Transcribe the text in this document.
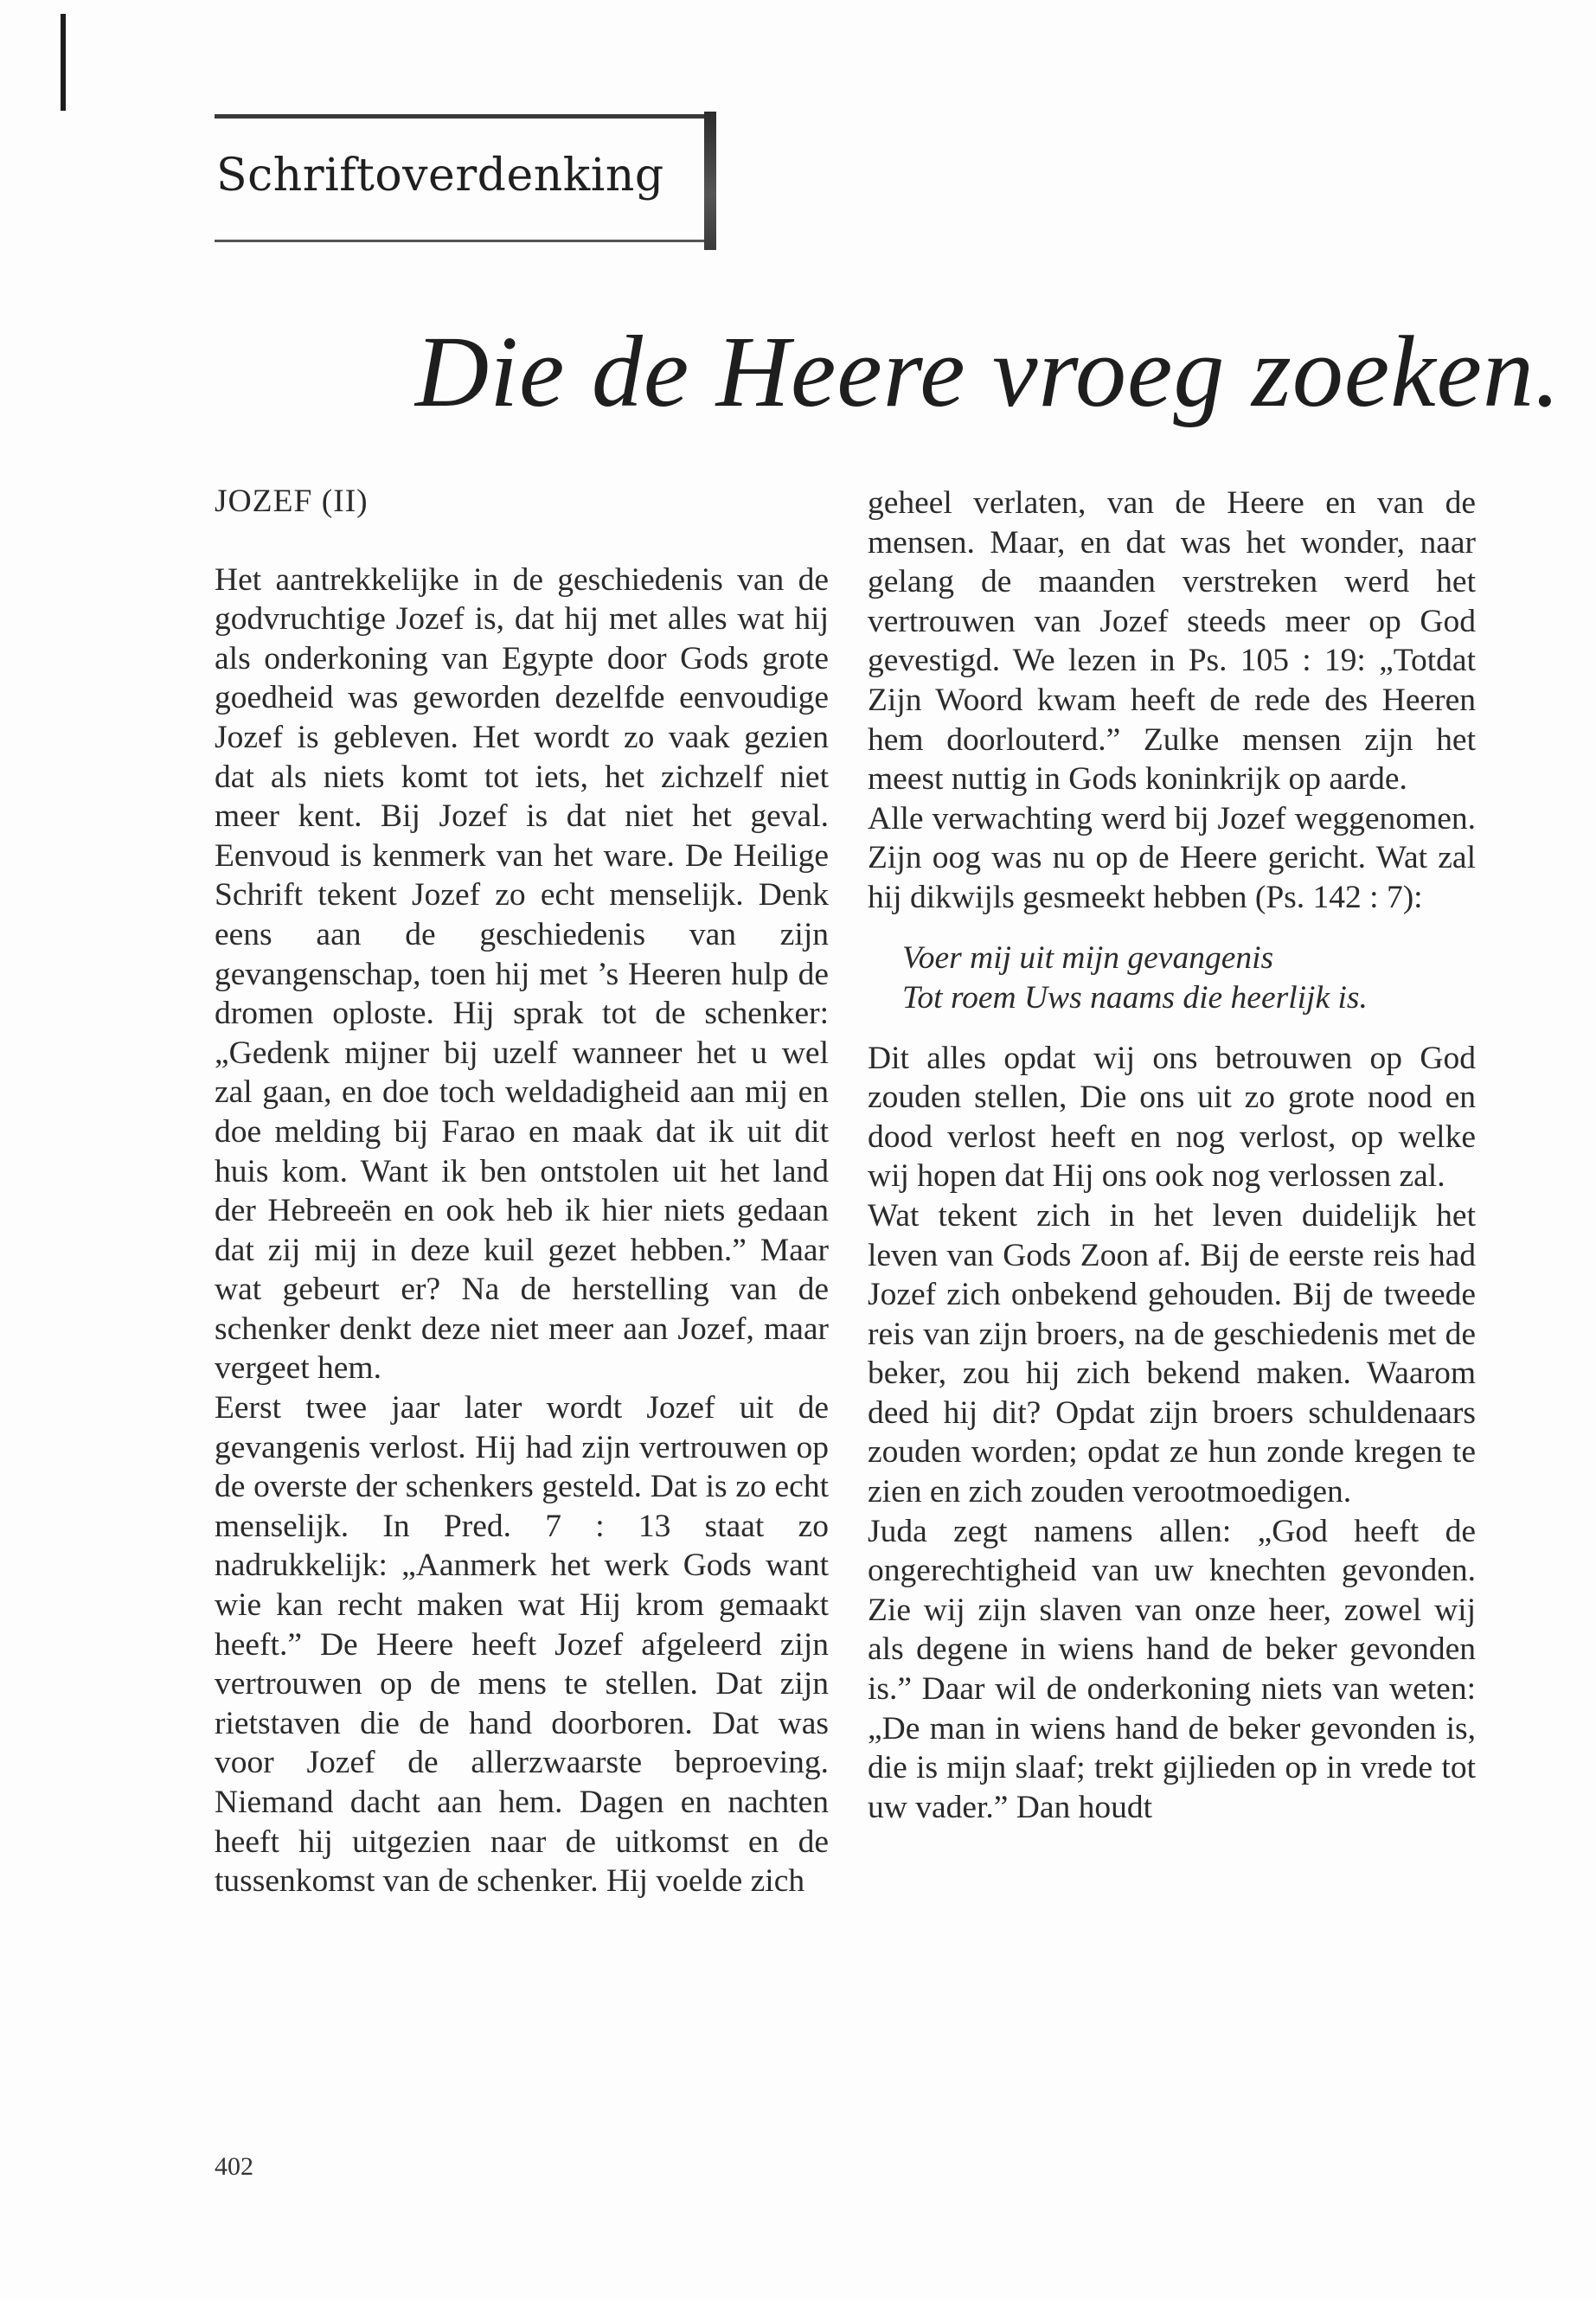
Schriftoverdenking
Die de Heere vroeg zoeken.
JOZEF (II)

Het aantrekkelijke in de geschiedenis van de godvruchtige Jozef is, dat hij met alles wat hij als onderkoning van Egypte door Gods grote goedheid was geworden dezelfde eenvoudige Jozef is gebleven. Het wordt zo vaak gezien dat als niets komt tot iets, het zichzelf niet meer kent. Bij Jozef is dat niet het geval. Eenvoud is kenmerk van het ware. De Heilige Schrift tekent Jozef zo echt menselijk. Denk eens aan de geschiedenis van zijn gevangenschap, toen hij met ’s Heeren hulp de dromen oploste. Hij sprak tot de schenker: „Gedenk mijner bij uzelf wanneer het u wel zal gaan, en doe toch weldadigheid aan mij en doe melding bij Farao en maak dat ik uit dit huis kom. Want ik ben ontstolen uit het land der Hebreeën en ook heb ik hier niets gedaan dat zij mij in deze kuil gezet hebben.” Maar wat gebeurt er? Na de herstelling van de schenker denkt deze niet meer aan Jozef, maar vergeet hem.

Eerst twee jaar later wordt Jozef uit de gevangenis verlost. Hij had zijn vertrouwen op de overste der schenkers gesteld. Dat is zo echt menselijk. In Pred. 7 : 13 staat zo nadrukkelijk: „Aanmerk het werk Gods want wie kan recht maken wat Hij krom gemaakt heeft.” De Heere heeft Jozef afgeleerd zijn vertrouwen op de mens te stellen. Dat zijn rietstaven die de hand doorboren. Dat was voor Jozef de allerzwaarste beproeving. Niemand dacht aan hem. Dagen en nachten heeft hij uitgezien naar de uitkomst en de tussenkomst van de schenker. Hij voelde zich

geheel verlaten, van de Heere en van de mensen. Maar, en dat was het wonder, naar gelang de maanden verstreken werd het vertrouwen van Jozef steeds meer op God gevestigd. We lezen in Ps. 105 : 19: „Totdat Zijn Woord kwam heeft de rede des Heeren hem doorlouterd.” Zulke mensen zijn het meest nuttig in Gods koninkrijk op aarde.

Alle verwachting werd bij Jozef weggenomen. Zijn oog was nu op de Heere gericht. Wat zal hij dikwijls gesmeekt hebben (Ps. 142 : 7):

Voer mij uit mijn gevangenis
Tot roem Uws naams die heerlijk is.

Dit alles opdat wij ons betrouwen op God zouden stellen, Die ons uit zo grote nood en dood verlost heeft en nog verlost, op welke wij hopen dat Hij ons ook nog verlossen zal.

Wat tekent zich in het leven duidelijk het leven van Gods Zoon af. Bij de eerste reis had Jozef zich onbekend gehouden. Bij de tweede reis van zijn broers, na de geschiedenis met de beker, zou hij zich bekend maken. Waarom deed hij dit? Opdat zijn broers schuldenaars zouden worden; opdat ze hun zonde kregen te zien en zich zouden verootmoedigen.

Juda zegt namens allen: „God heeft de ongerechtigheid van uw knechten gevonden. Zie wij zijn slaven van onze heer, zowel wij als degene in wiens hand de beker gevonden is.” Daar wil de onderkoning niets van weten: „De man in wiens hand de beker gevonden is, die is mijn slaaf; trekt gijlieden op in vrede tot uw vader.” Dan houdt

402
